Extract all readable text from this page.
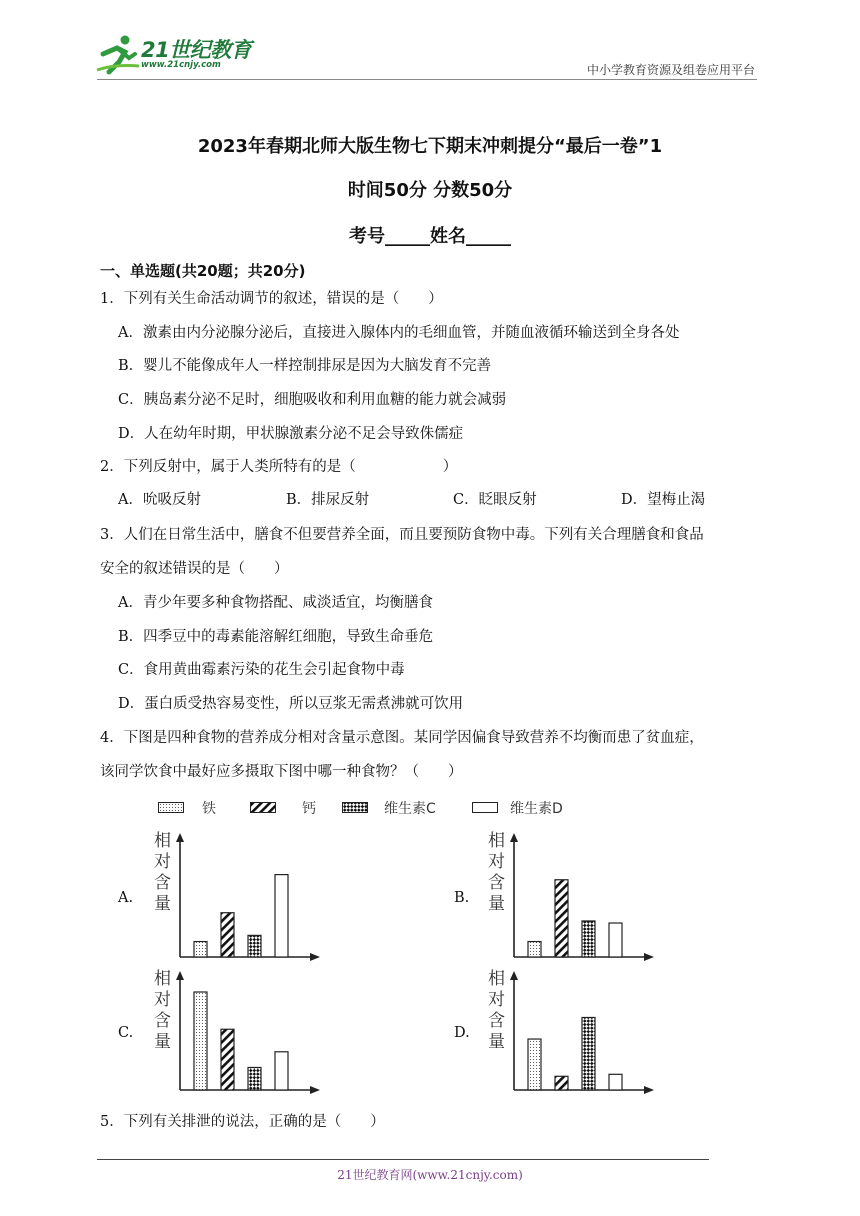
21世纪教育
www.21cnjy.com	中小学教育资源及组卷应用平台
2023年春期北师大版生物七下期末冲刺提分“最后一卷”1
时间50分 分数50分
考号_____姓名_____
一、单选题(共20题；共20分)
1．下列有关生命活动调节的叙述，错误的是（　　）
A．激素由内分泌腺分泌后，直接进入腺体内的毛细血管，并随血液循环输送到全身各处
B．婴儿不能像成年人一样控制排尿是因为大脑发育不完善
C．胰岛素分泌不足时，细胞吸收和利用血糖的能力就会减弱
D．人在幼年时期，甲状腺激素分泌不足会导致侏儒症
2．下列反射中，属于人类所特有的是（　　　　　　）
A．吮吸反射	B．排尿反射	C．眨眼反射	D．望梅止渴
3．人们在日常生活中，膳食不但要营养全面，而且要预防食物中毒。下列有关合理膳食和食品
安全的叙述错误的是（　　）
A．青少年要多种食物搭配、咸淡适宜，均衡膳食
B．四季豆中的毒素能溶解红细胞，导致生命垂危
C．食用黄曲霉素污染的花生会引起食物中毒
D．蛋白质受热容易变性，所以豆浆无需煮沸就可饮用
4．下图是四种食物的营养成分相对含量示意图。某同学因偏食导致营养不均衡而患了贫血症，
该同学饮食中最好应多摄取下图中哪一种食物？（　　）
铁	钙	维生素C	维生素D
A.	B.
C.	D.
相
对
含
量
相
对
含
量
相
对
含
量
相
对
含
量
5．下列有关排泄的说法，正确的是（　　）
21世纪教育网(www.21cnjy.com)
